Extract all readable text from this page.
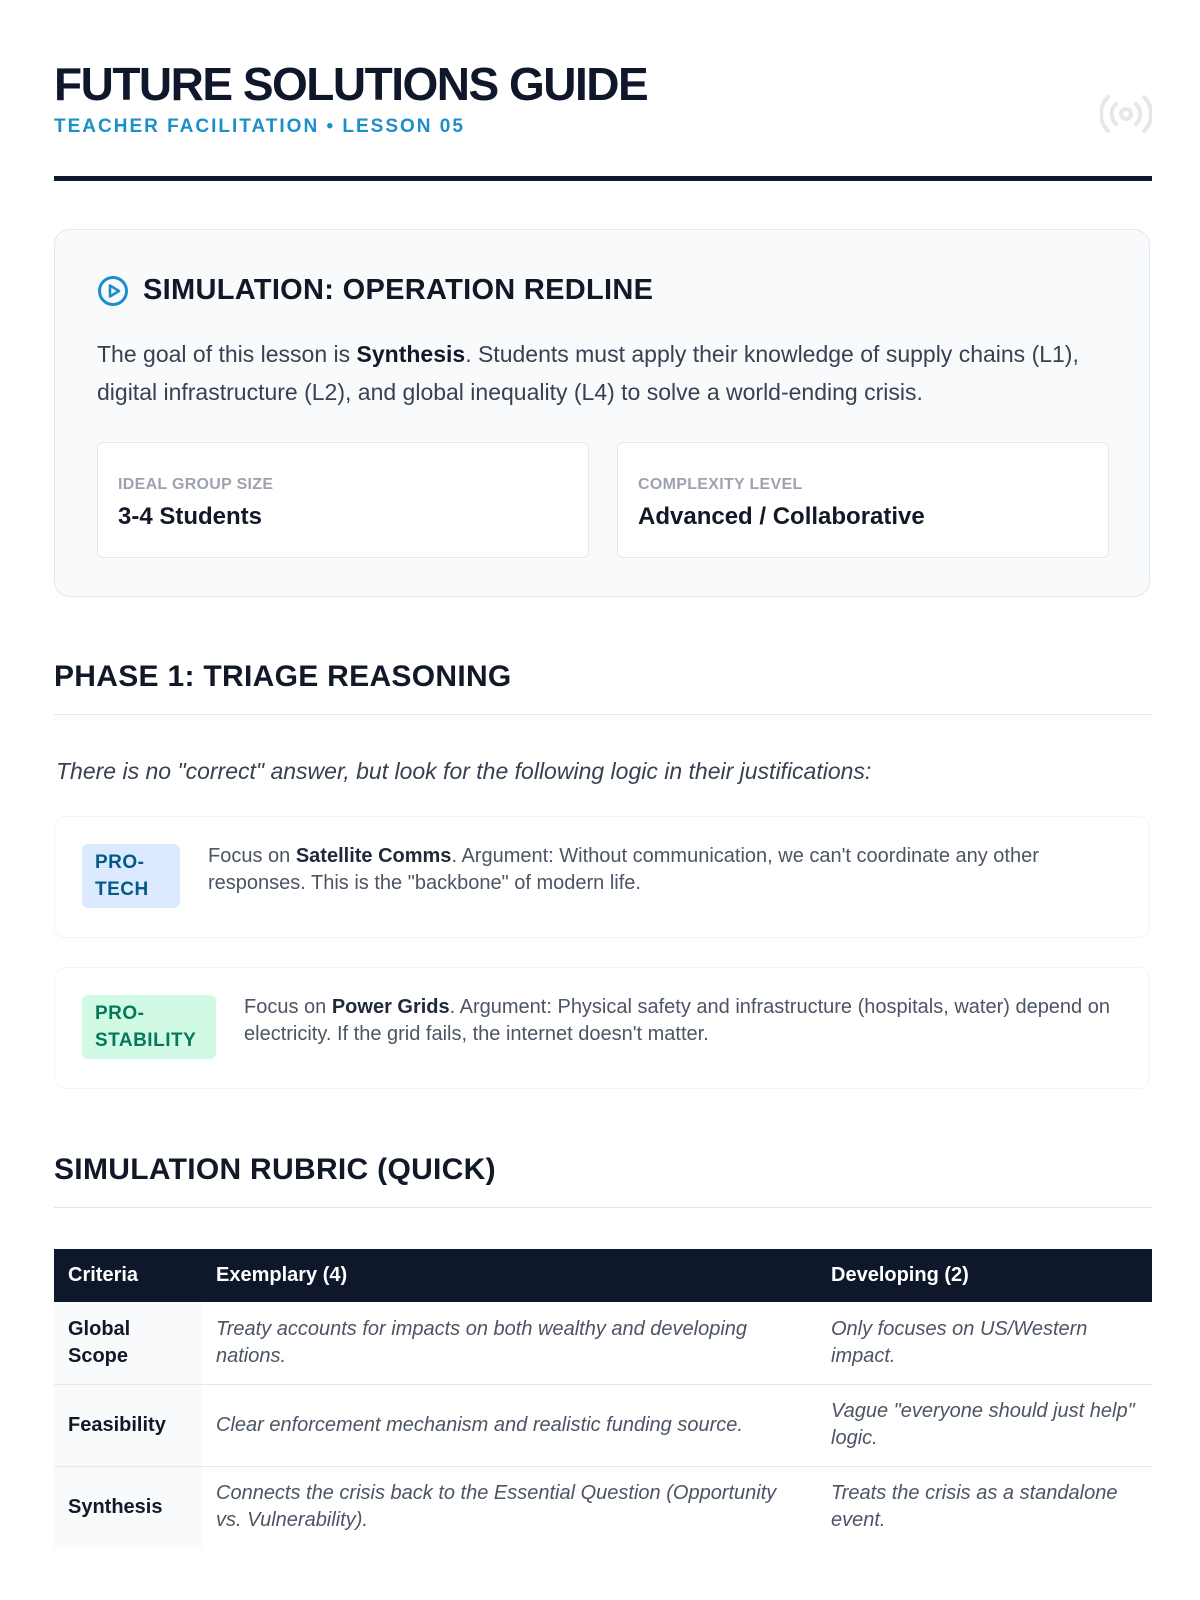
FUTURE SOLUTIONS GUIDE
TEACHER FACILITATION • LESSON 05
SIMULATION: OPERATION REDLINE

The goal of this lesson is Synthesis. Students must apply their knowledge of supply chains (L1), digital infrastructure (L2), and global inequality (L4) to solve a world-ending crisis.

IDEAL GROUP SIZE
3-4 Students
COMPLEXITY LEVEL
Advanced / Collaborative
PHASE 1: TRIAGE REASONING

There is no "correct" answer, but look for the following logic in their justifications:

PRO-TECH
Focus on Satellite Comms. Argument: Without communication, we can't coordinate any other responses. This is the "backbone" of modern life.
PRO-STABILITY
Focus on Power Grids. Argument: Physical safety and infrastructure (hospitals, water) depend on electricity. If the grid fails, the internet doesn't matter.
SIMULATION RUBRIC (QUICK)
Criteria	Exemplary (4)	Developing (2)
Global Scope	Treaty accounts for impacts on both wealthy and developing nations.	Only focuses on US/Western impact.
Feasibility	Clear enforcement mechanism and realistic funding source.	Vague "everyone should just help" logic.
Synthesis	Connects the crisis back to the Essential Question (Opportunity vs. Vulnerability).	Treats the crisis as a standalone event.
